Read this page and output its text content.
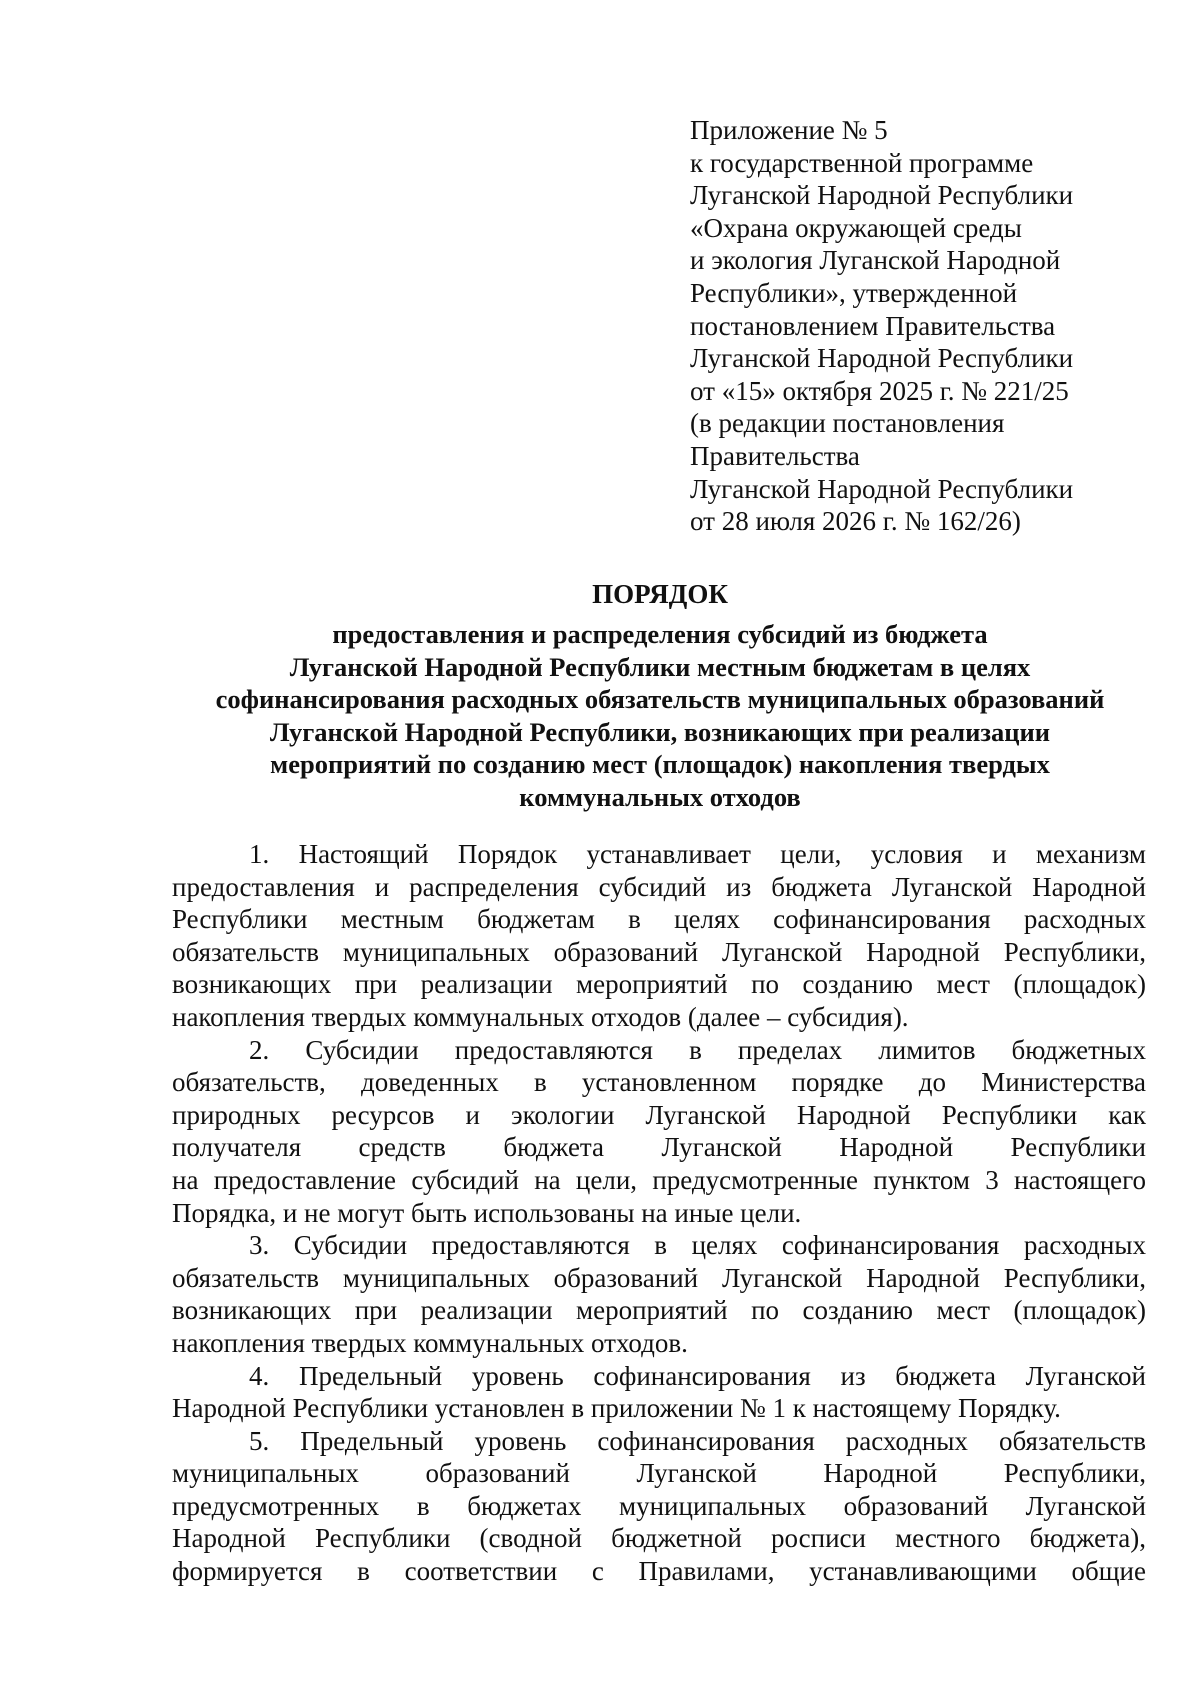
Приложение № 5
к государственной программе
Луганской Народной Республики
«Охрана окружающей среды
и экология Луганской Народной
Республики», утвержденной
постановлением Правительства
Луганской Народной Республики
от «15» октября 2025 г. № 221/25
(в редакции постановления
Правительства
Луганской Народной Республики
от 28 июля 2026 г. № 162/26)
ПОРЯДОК
предоставления и распределения субсидий из бюджета
Луганской Народной Республики местным бюджетам в целях
софинансирования расходных обязательств муниципальных образований
Луганской Народной Республики, возникающих при реализации
мероприятий по созданию мест (площадок) накопления твердых
коммунальных отходов
1. Настоящий Порядок устанавливает цели, условия и механизм
предоставления и распределения субсидий из бюджета Луганской Народной
Республики местным бюджетам в целях софинансирования расходных
обязательств муниципальных образований Луганской Народной Республики,
возникающих при реализации мероприятий по созданию мест (площадок)
накопления твердых коммунальных отходов (далее – субсидия).
2. Субсидии предоставляются в пределах лимитов бюджетных
обязательств, доведенных в установленном порядке до Министерства
природных ресурсов и экологии Луганской Народной Республики как
получателя средств бюджета Луганской Народной Республики
на предоставление субсидий на цели, предусмотренные пунктом 3 настоящего
Порядка, и не могут быть использованы на иные цели.
3. Субсидии предоставляются в целях софинансирования расходных
обязательств муниципальных образований Луганской Народной Республики,
возникающих при реализации мероприятий по созданию мест (площадок)
накопления твердых коммунальных отходов.
4. Предельный уровень софинансирования из бюджета Луганской
Народной Республики установлен в приложении № 1 к настоящему Порядку.
5. Предельный уровень софинансирования расходных обязательств
муниципальных образований Луганской Народной Республики,
предусмотренных в бюджетах муниципальных образований Луганской
Народной Республики (сводной бюджетной росписи местного бюджета),
формируется в соответствии с Правилами, устанавливающими общие
